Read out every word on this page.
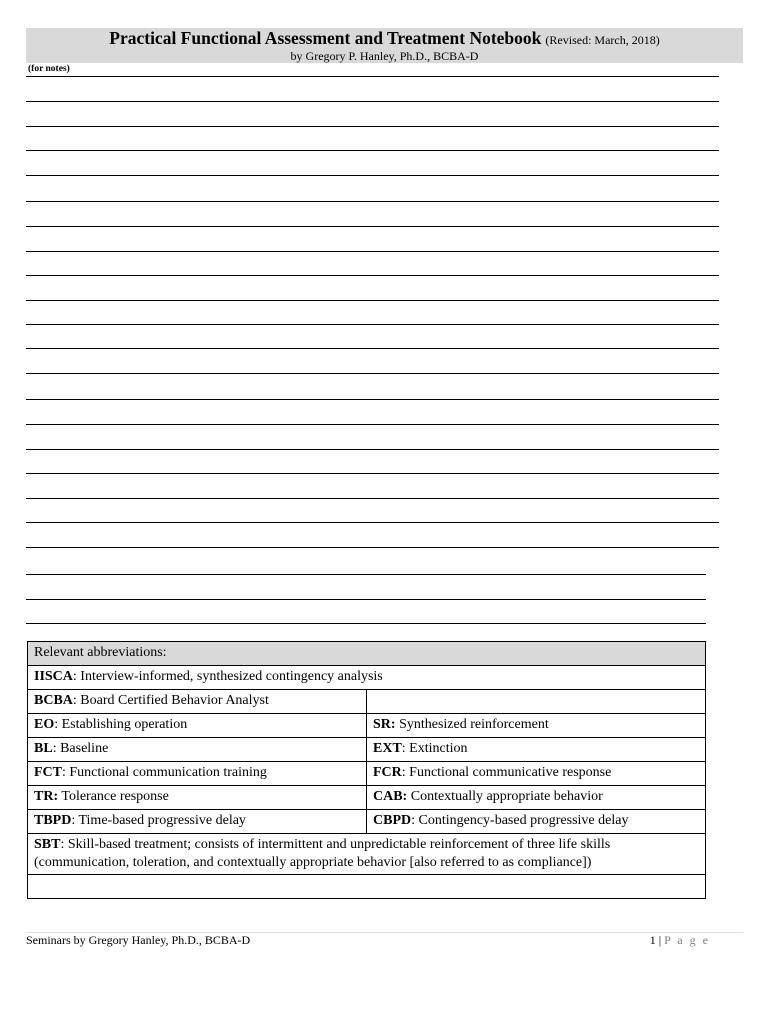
Practical Functional Assessment and Treatment Notebook (Revised: March, 2018)
by Gregory P. Hanley, Ph.D., BCBA-D
(for notes)
Relevant abbreviations:	
IISCA: Interview-informed, synthesized contingency analysis	
BCBA: Board Certified Behavior Analyst	
EO: Establishing operation	SR: Synthesized reinforcement
BL: Baseline	EXT: Extinction
FCT: Functional communication training	FCR: Functional communicative response
TR: Tolerance response	CAB: Contextually appropriate behavior
TBPD: Time-based progressive delay	CBPD: Contingency-based progressive delay
SBT: Skill-based treatment; consists of intermittent and unpredictable reinforcement of three life skills (communication, toleration, and contextually appropriate behavior [also referred to as compliance])	

Seminars by Gregory Hanley, Ph.D., BCBA-D	1 | P a g e
